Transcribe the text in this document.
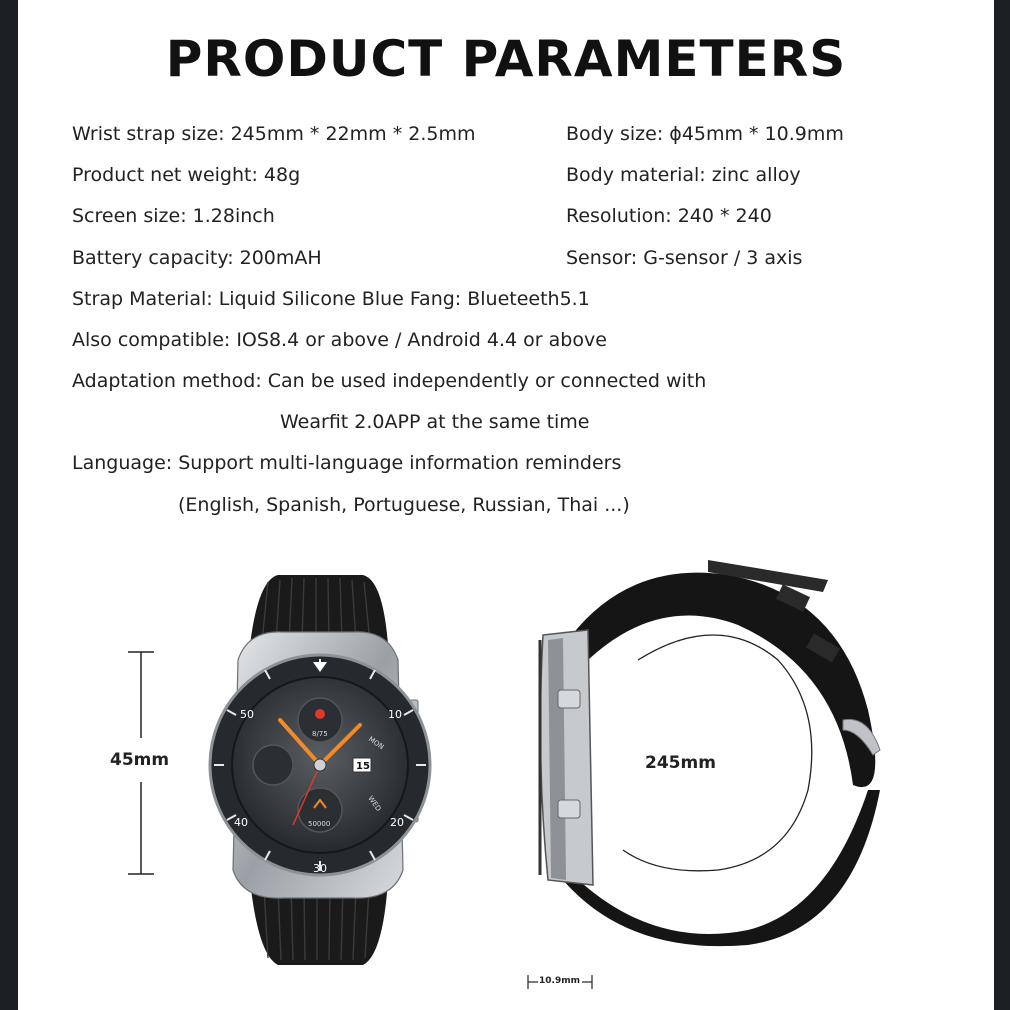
PRODUCT PARAMETERS
Wrist strap size: 245mm * 22mm * 2.5mm	Body size: ɸ45mm * 10.9mm
Product net weight: 48g	Body material: zinc alloy
Screen size: 1.28inch	Resolution: 240 * 240
Battery capacity: 200mAH	Sensor: G-sensor / 3 axis
Strap Material: Liquid Silicone Blue Fang: Blueteeth5.1
Also compatible: IOS8.4 or above / Android 4.4 or above
Adaptation method: Can be used independently or connected with
Wearfit 2.0APP at the same time
Language: Support multi-language information reminders
(English, Spanish, Portuguese, Russian, Thai ...)
45mm
50	10
20
30
40
8/75
50000
15
MON
WED
245mm
10.9mm
